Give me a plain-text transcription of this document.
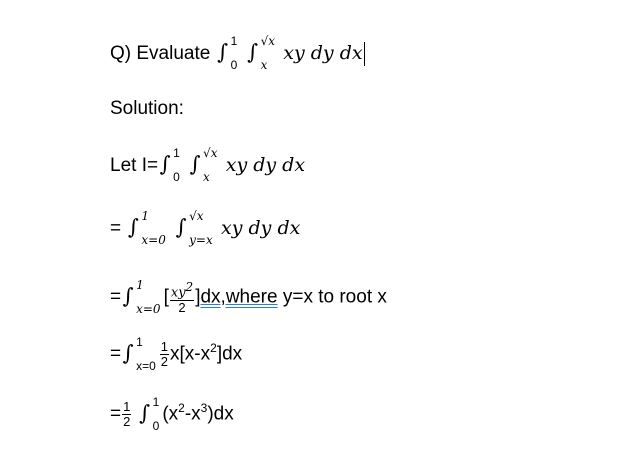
Q) Evaluate ∫ 1
0
∫ √x
x
xy dy dx
Solution:
Let I=∫ 1
0
∫ √x
x
xy dy dx
= ∫ 1
x=0
∫ √x
y=x
xy dy dx
=∫ 1
x=0
[ $\frac{xy^2}{2}$ ]dx,where y=x to root x
=∫ 1
$x=0 \frac{1}{2} x[x-x^2]dx$
= $\frac{1}{2}$ ∫ 1
0
$(x^2-x^3)dx$
